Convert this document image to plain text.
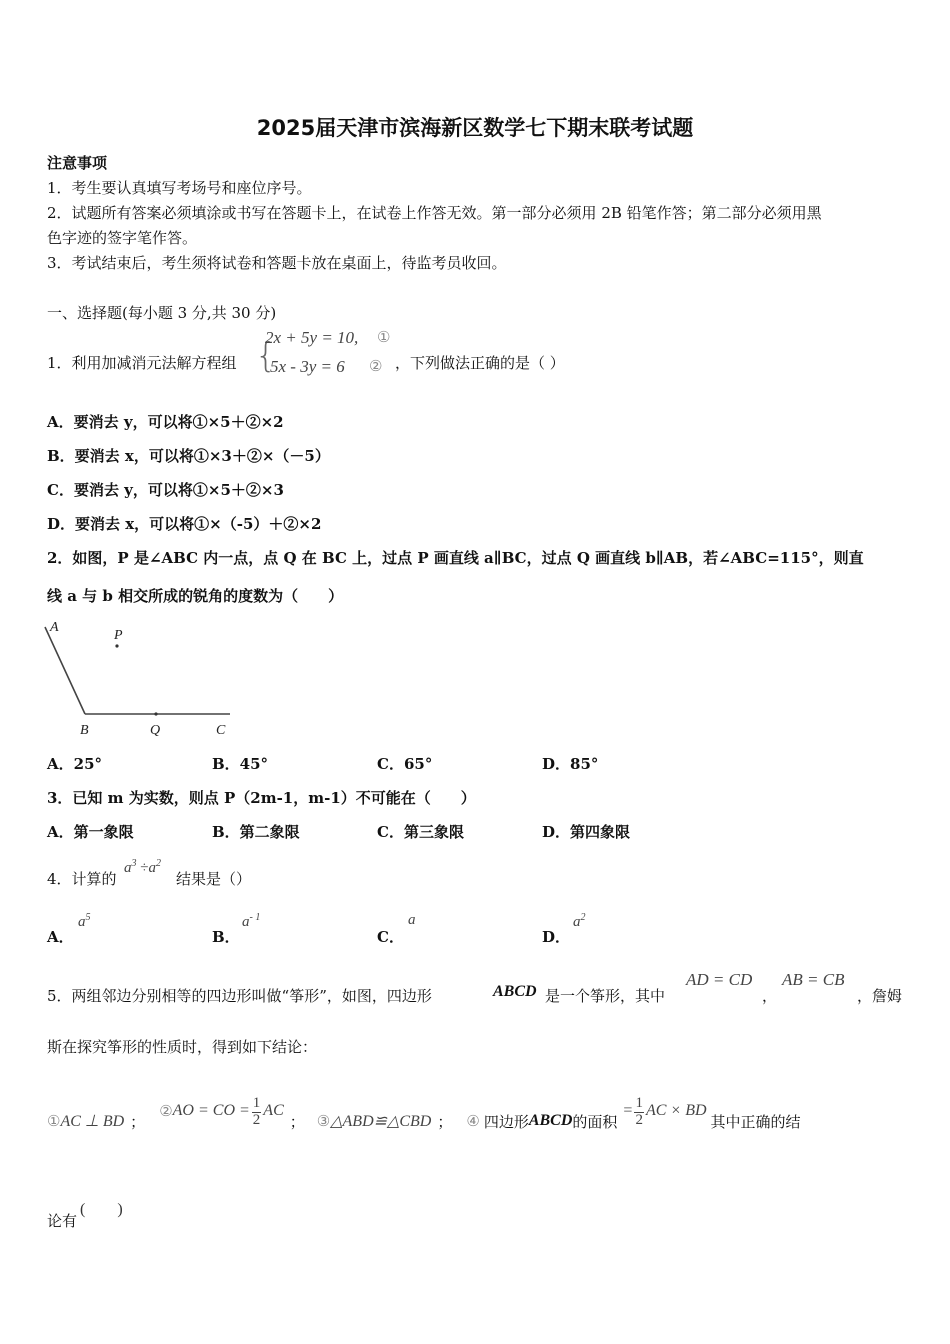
2025届天津市滨海新区数学七下期末联考试题
注意事项
1．考生要认真填写考场号和座位序号。
2．试题所有答案必须填涂或书写在答题卡上，在试卷上作答无效。第一部分必须用 2B 铅笔作答；第二部分必须用黑
色字迹的签字笔作答。
3．考试结束后，考生须将试卷和答题卡放在桌面上，待监考员收回。
一、选择题(每小题 3 分,共 30 分)
1．利用加减消元法解方程组 {
2x + 5y = 10, ①
5x - 3y = 6 ② ，下列做法正确的是（ ）
A．要消去 y，可以将①×5＋②×2
B．要消去 x，可以将①×3＋②×（－5）
C．要消去 y，可以将①×5＋②×3
D．要消去 x，可以将①×（-5）＋②×2
2．如图，P 是∠ABC 内一点，点 Q 在 BC 上，过点 P 画直线 a∥BC，过点 Q 画直线 b∥AB，若∠ABC=115°，则直
线 a 与 b 相交所成的锐角的度数为（　　）
A
P
B	Q	C
A．25°	B．45°	C．65°	D．85°
3．已知 m 为实数，则点 P（2m-1，m-1）不可能在（　　）
A．第一象限	B．第二象限	C．第三象限	D．第四象限
4．计算的
$a^3 \div a^2$
结果是（）
A．
$a^5$
B．
$a^{- 1}$
C．
a
D．
$a^2$
5．两组邻边分别相等的四边形叫做“筝形”，如图，四边形	ABCD 是一个筝形，其中
AD = CD
，
AB = CB
，詹姆
斯在探究筝形的性质时，得到如下结论：
① AC ⊥ BD ；
② AO = CO = $\frac{1}{2}$ AC
； ③ △ABD≌△CBD ； ④ 四边形 ABCD 的面积
= $\frac{1}{2}$ AC × BD
其中正确的结
论有
(　　)
